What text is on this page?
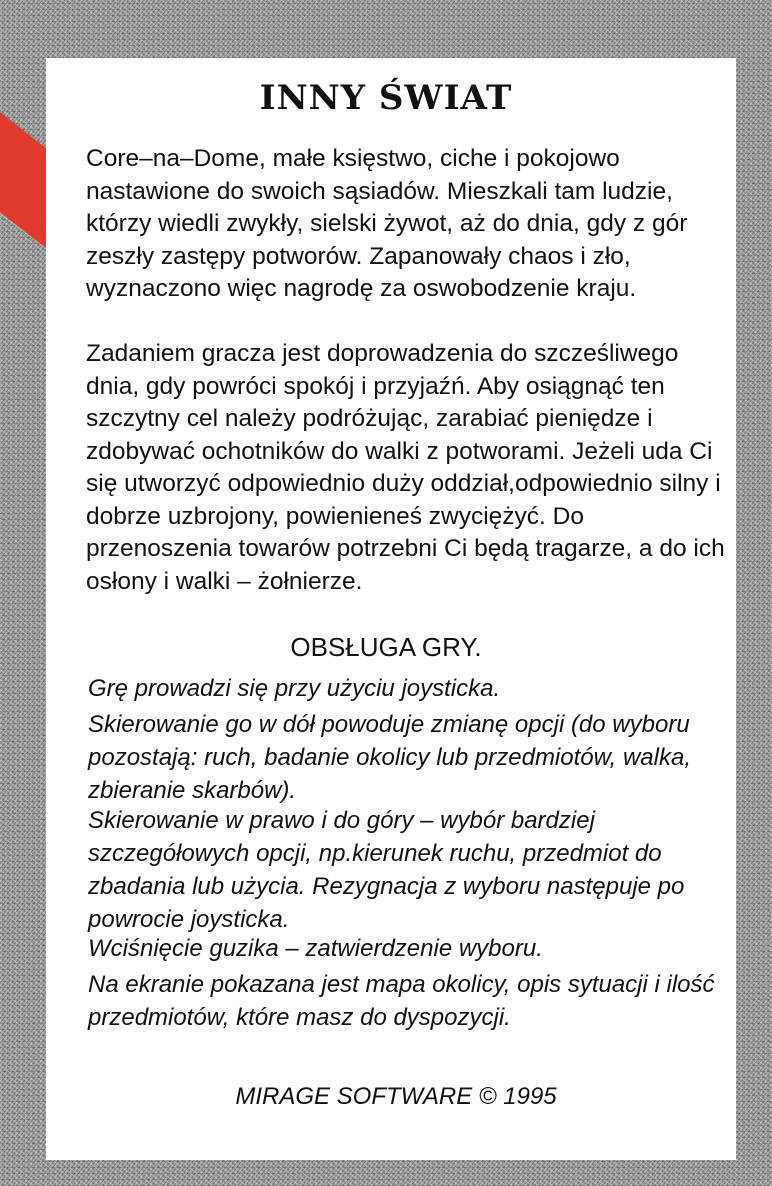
INNY ŚWIAT

Core–na–Dome, małe księstwo, ciche i pokojowo nastawione do swoich sąsiadów. Mieszkali tam ludzie, którzy wiedli zwykły, sielski żywot, aż do dnia, gdy z gór zeszły zastępy potworów. Zapanowały chaos i zło, wyznaczono więc nagrodę za oswobodzenie kraju.

Zadaniem gracza jest doprowadzenia do szcześliwego dnia, gdy powróci spokój i przyjaźń. Aby osiągnąć ten szczytny cel należy podróżując, zarabiać pieniędze i zdobywać ochotników do walki z potworami. Jeżeli uda Ci się utworzyć odpowiednio duży oddział,odpowiednio silny i dobrze uzbrojony, powienieneś zwyciężyć. Do przenoszenia towarów potrzebni Ci będą tragarze, a do ich osłony i walki – żołnierze.

OBSŁUGA GRY.

Grę prowadzi się przy użyciu joysticka.

Skierowanie go w dół powoduje zmianę opcji (do wyboru pozostają: ruch, badanie okolicy lub przedmiotów, walka, zbieranie skarbów).

Skierowanie w prawo i do góry – wybór bardziej szczegółowych opcji, np.kierunek ruchu, przedmiot do zbadania lub użycia. Rezygnacja z wyboru następuje po powrocie joysticka.

Wciśnięcie guzika – zatwierdzenie wyboru.

Na ekranie pokazana jest mapa okolicy, opis sytuacji i ilość przedmiotów, które masz do dyspozycji.

MIRAGE SOFTWARE © 1995
